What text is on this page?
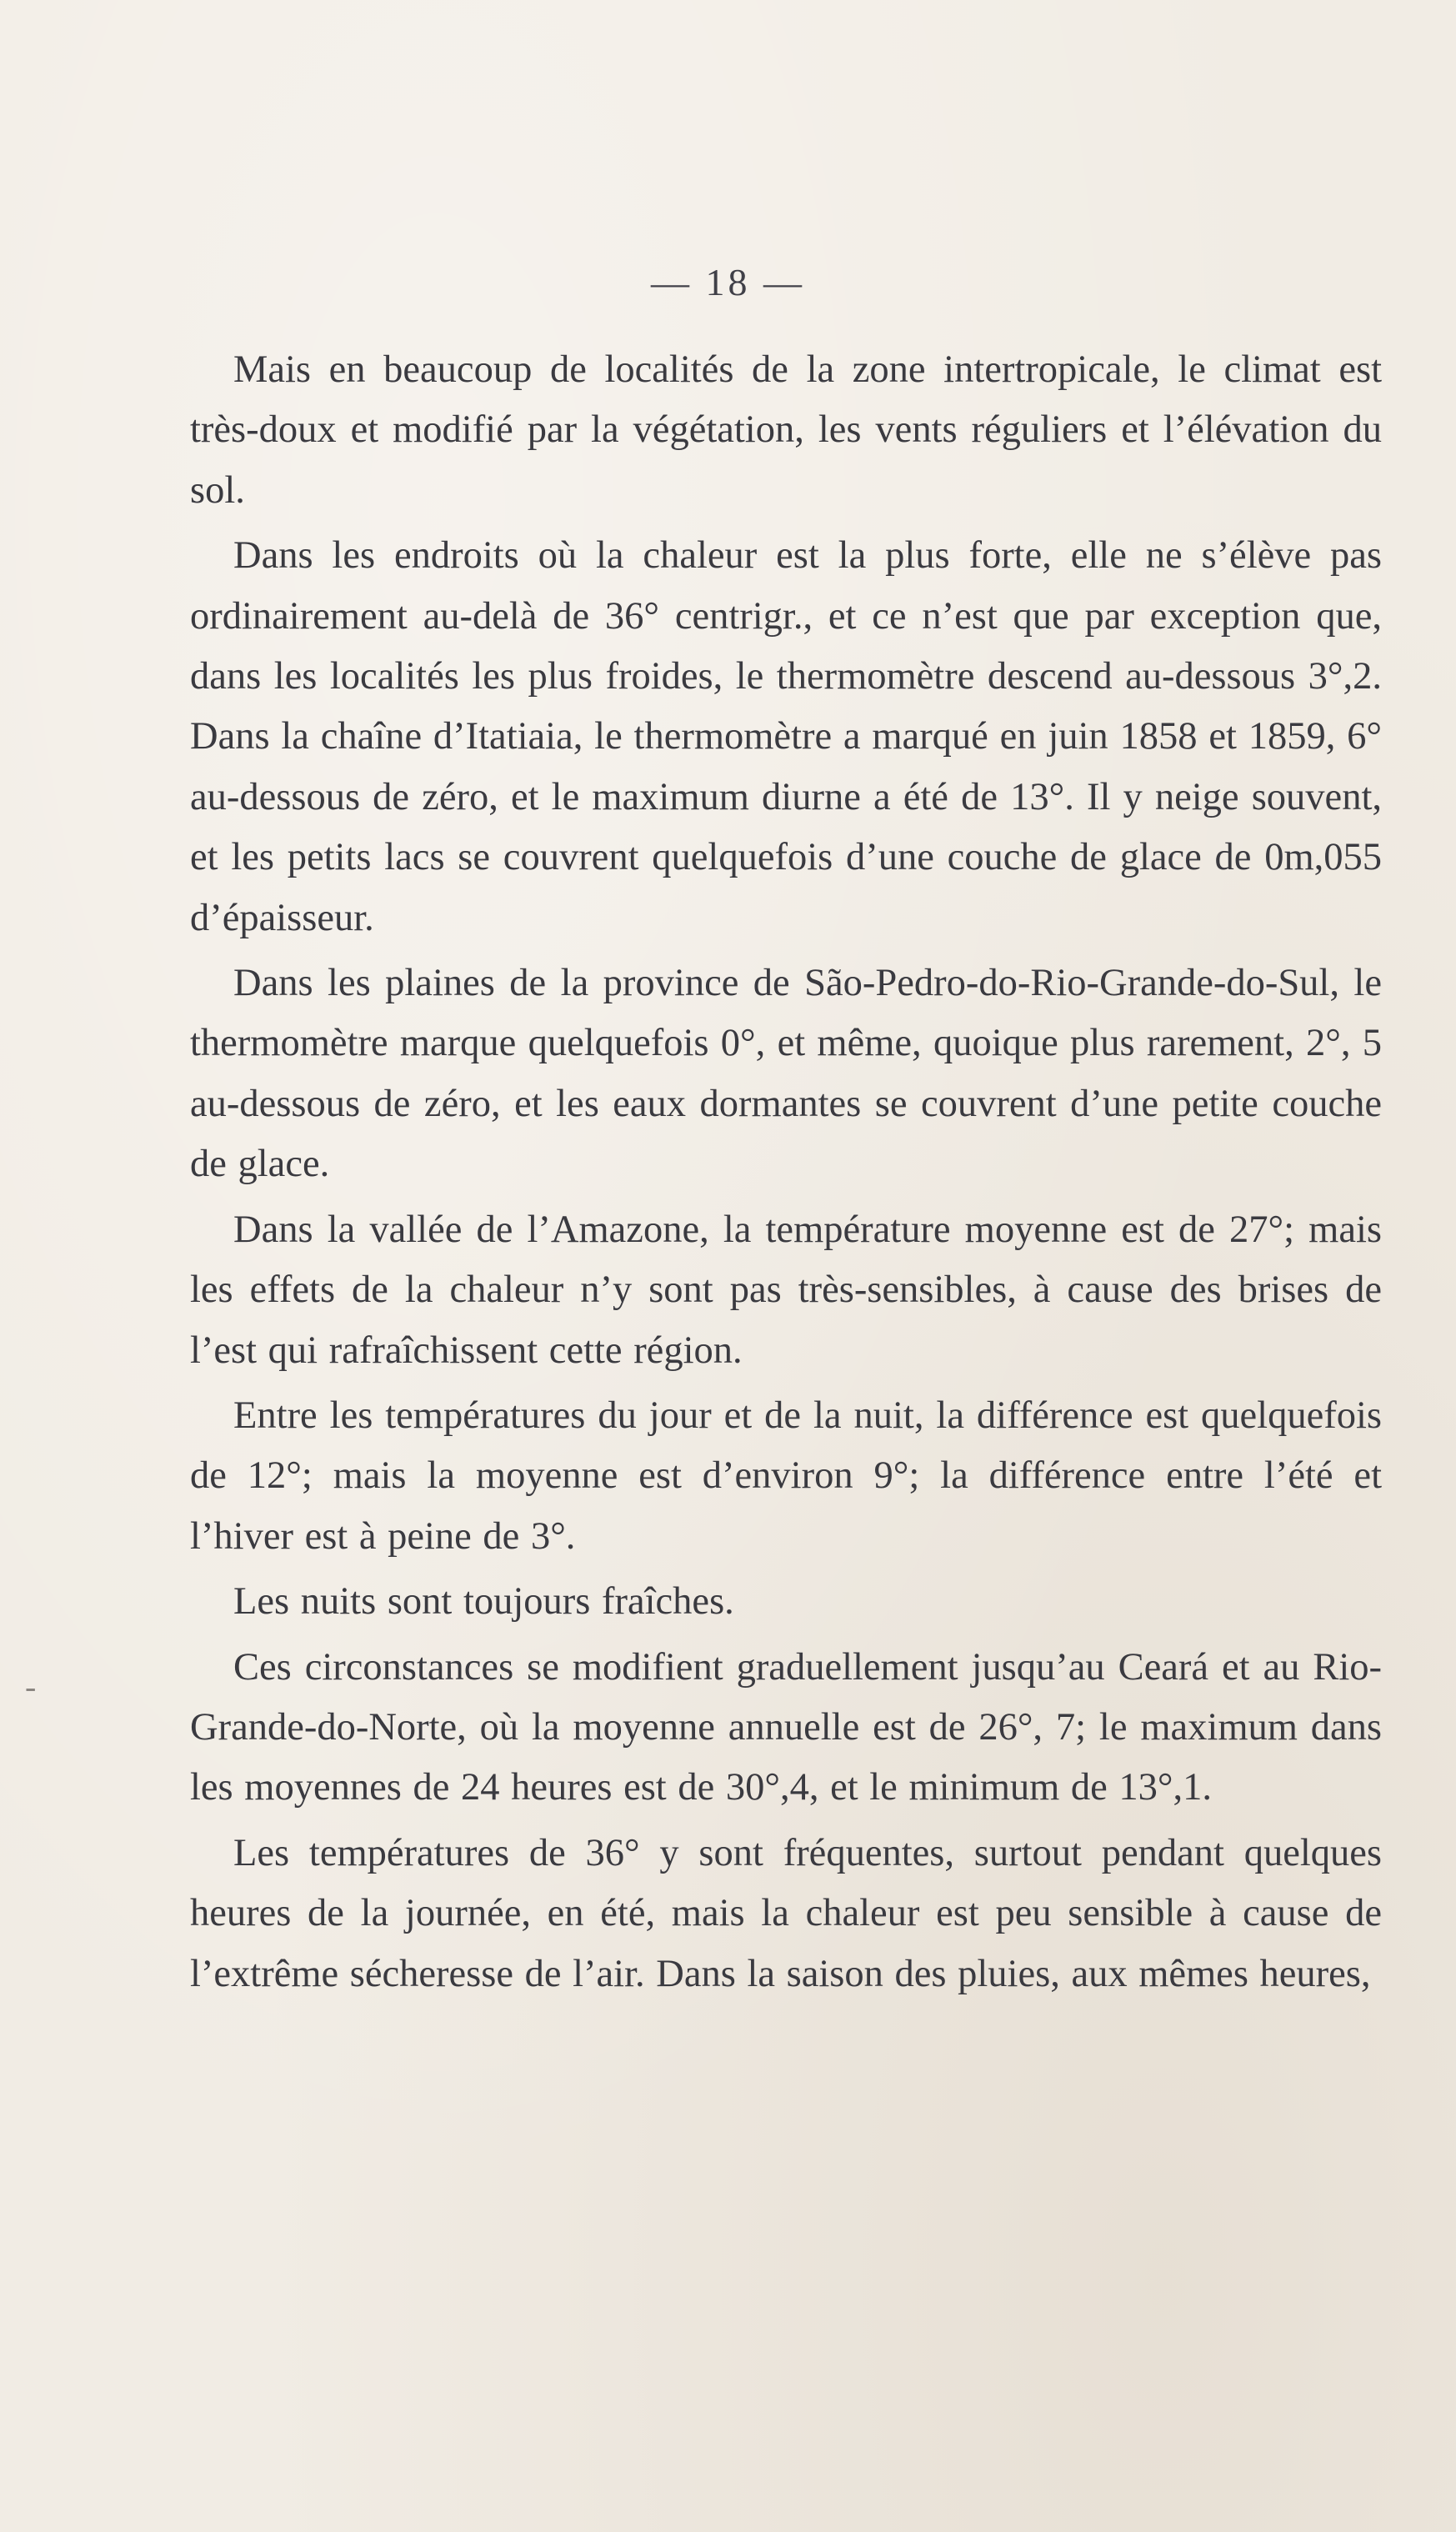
— 18 —

Mais en beaucoup de localités de la zone intertropicale, le climat est très-doux et modifié par la végétation, les vents réguliers et l’élévation du sol.

Dans les endroits où la chaleur est la plus forte, elle ne s’élève pas ordinairement au-delà de 36° centrigr., et ce n’est que par exception que, dans les localités les plus froides, le thermomètre descend au-dessous 3°,2. Dans la chaîne d’Itatiaia, le thermomètre a marqué en juin 1858 et 1859, 6° au-dessous de zéro, et le maximum diurne a été de 13°. Il y neige souvent, et les petits lacs se couvrent quelquefois d’une couche de glace de 0m,055 d’épaisseur.

Dans les plaines de la province de São-Pedro-do-Rio-Grande-do-Sul, le thermomètre marque quelquefois 0°, et même, quoique plus rarement, 2°, 5 au-dessous de zéro, et les eaux dormantes se couvrent d’une petite couche de glace.

Dans la vallée de l’Amazone, la température moyenne est de 27°; mais les effets de la chaleur n’y sont pas très-sensibles, à cause des brises de l’est qui rafraîchissent cette région.

Entre les températures du jour et de la nuit, la différence est quelquefois de 12°; mais la moyenne est d’environ 9°; la différence entre l’été et l’hiver est à peine de 3°.

Les nuits sont toujours fraîches.

Ces circonstances se modifient graduellement jusqu’au Ceará et au Rio-Grande-do-Norte, où la moyenne annuelle est de 26°, 7; le maximum dans les moyennes de 24 heures est de 30°,4, et le minimum de 13°,1.

Les températures de 36° y sont fréquentes, surtout pendant quelques heures de la journée, en été, mais la chaleur est peu sensible à cause de l’extrême sécheresse de l’air. Dans la saison des pluies, aux mêmes heures,

-
